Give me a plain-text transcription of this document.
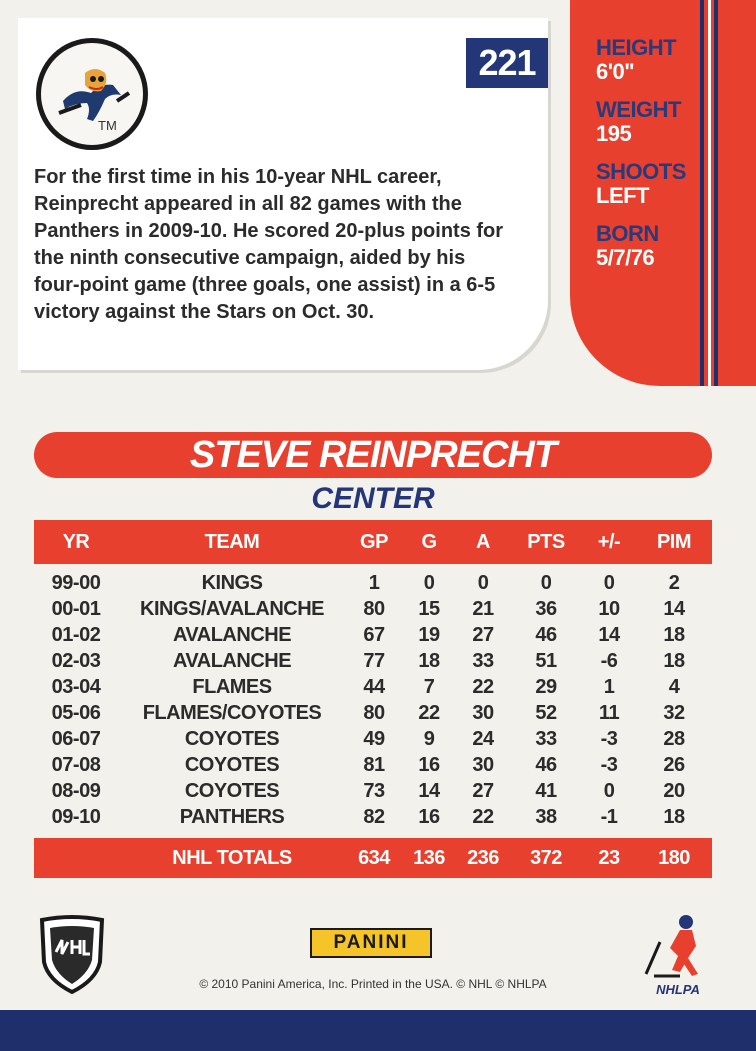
HEIGHT
6'0"
WEIGHT
195
SHOOTS
LEFT
BORN
5/7/76
TM
221
For the first time in his 10-year NHL career, Reinprecht appeared in all 82 games with the Panthers in 2009-10. He scored 20-plus points for the ninth consecutive campaign, aided by his four-point game (three goals, one assist) in a 6-5 victory against the Stars on Oct. 30.
STEVE REINPRECHT
CENTER
YR	TEAM	GP	G	A	PTS	+/-	PIM
99-00	KINGS	1	0	0	0	0	2
00-01	KINGS/AVALANCHE	80	15	21	36	10	14
01-02	AVALANCHE	67	19	27	46	14	18
02-03	AVALANCHE	77	18	33	51	-6	18
03-04	FLAMES	44	7	22	29	1	4
05-06	FLAMES/COYOTES	80	22	30	52	11	32
06-07	COYOTES	49	9	24	33	-3	28
07-08	COYOTES	81	16	30	46	-3	26
08-09	COYOTES	73	14	27	41	0	20
09-10	PANTHERS	82	16	22	38	-1	18
	NHL TOTALS	634	136	236	372	23	180
PANINI
© 2010 Panini America, Inc. Printed in the USA. © NHL © NHLPA	NHLPA
